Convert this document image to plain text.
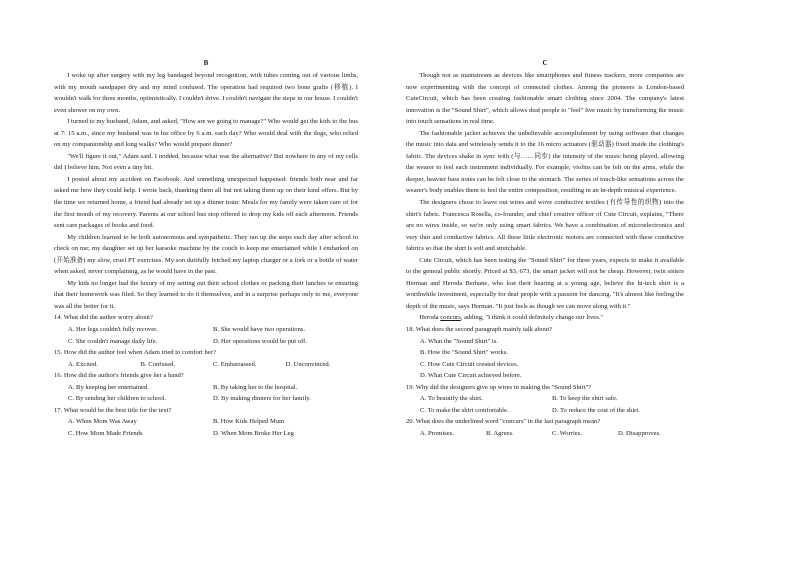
B

I woke up after surgery with my leg bandaged beyond recognition, with tubes coming out of various limbs, with my mouth sandpaper dry and my mind confused. The operation had required two bone grafts (移植). I wouldn't walk for three months, optimistically. I couldn't drive. I couldn't navigate the steps in our house. I couldn't even shower on my own.

I turned to my husband, Adam, and asked, "How are we going to manage?" Who would get the kids to the bus at 7: 15 a.m., since my husband was in his office by 6 a.m. each day? Who would deal with the dogs, who relied on my companionship and long walks? Who would prepare dinner?

"We'll figure it out," Adam said. I nodded, because what was the alternative? But nowhere in any of my cells did I believe him. Not even a tiny bit.

I posted about my accident on Facebook. And something unexpected happened: friends both near and far asked me how they could help. I wrote back, thanking them all but not taking them up on their kind offers. But by the time we returned home, a friend had already set up a dinner train: Meals for my family were taken care of for the first month of my recovery. Parents at our school bus stop offered to drop my kids off each afternoon. Friends sent care packages of books and food.

My children learned to be both autonomous and sympathetic. They ran up the steps each day after school to check on me; my daughter set up her karaoke machine by the couch to keep me entertained while I embarked on (开始准备) my slow, cruel PT exercises. My son dutifully fetched my laptop charger or a fork or a bottle of water when asked, never complaining, as he would have in the past.

My kids no longer had the luxury of my setting out their school clothes or packing their lunches or ensuring that their homework was filed. So they learned to do it themselves, and in a surprise perhaps only to me, everyone was all the better for it.

14. What did the author worry about?

A. Her legs couldn't fully recover.	B. She would have two operations.
C. She couldn't manage daily life.	D. Her operations would be put off.

15. How did the author feel when Adam tried to comfort her?

A. Excited.	B. Confused.	C. Embarrassed.	D. Unconvinced.

16. How did the author's friends give her a hand?

A. By keeping her entertained.	B. By taking her to the hospital.
C. By sending her children to school.	D. By making dinners for her family.

17. What would be the best title for the text?

A. When Mom Was Away	B. How Kids Helped Mum
C. How Mom Made Friends	D. When Mom Broke Her Leg
C

Though not as mainstream as devices like smartphones and fitness trackers, more companies are now experimenting with the concept of connected clothes. Among the pioneers is London-based CuteCircuit, which has been creating fashionable smart clothing since 2004. The company's latest innovation is the "Sound Shirt", which allows deaf people to "feel" live music by transforming the music into touch sensations in real time.

The fashionable jacket achieves the unbelievable accomplishment by using software that changes the music into data and wirelessly sends it to the 16 micro actuators (驱动器) fixed inside the clothing's fabric. The devices shake in sync with (与……同步) the intensity of the music being played, allowing the wearer to feel each instrument individually. For example, violins can be felt on the arms, while the deeper, heavier bass notes can be felt close to the stomach. The series of touch-like sensations across the wearer's body enables them to feel the entire composition, resulting in an in-depth musical experience.

The designers chose to leave out wires and wove conductive textiles (有传导性的织物) into the shirt's fabric. Francesca Rosella, co-founder, and chief creative officer of Cute Circuit, explains, "There are no wires inside, so we're only using smart fabrics. We have a combination of microelectronics and very thin and conductive fabrics. All these little electronic motors are connected with these conductive fabrics so that the shirt is soft and stretchable.

Cute Circuit, which has been testing the "Sound Shirt" for three years, expects to make it available to the general public shortly. Priced at $3, 673, the smart jacket will not be cheap. However, twin sisters Herman and Heroda Berhane, who lost their hearing at a young age, believe the hi-tech shirt is a worthwhile investment, especially for deaf people with a passion for dancing. "It's almost like feeling the depth of the music, says Herman. "It just feels as though we can move along with it."

Heroda concurs, adding, "I think it could definitely change our lives."

18. What does the second paragraph mainly talk about?

A. What the "Sound Shirt" is.

B. How the "Sound Shirt" works.

C. How Cute Circuit created devices.

D. What Cute Circuit achieved before.

19. Why did the designers give up wires in making the "Sound Shirt"?

A. To beautify the shirt.	B. To keep the shirt safe.
C. To make the shirt comfortable.	D. To reduce the cost of the shirt.

20. What does the underlined word "concurs" in the last paragraph mean?

A. Promises.	B. Agrees.	C. Worries.	D. Disapproves.
